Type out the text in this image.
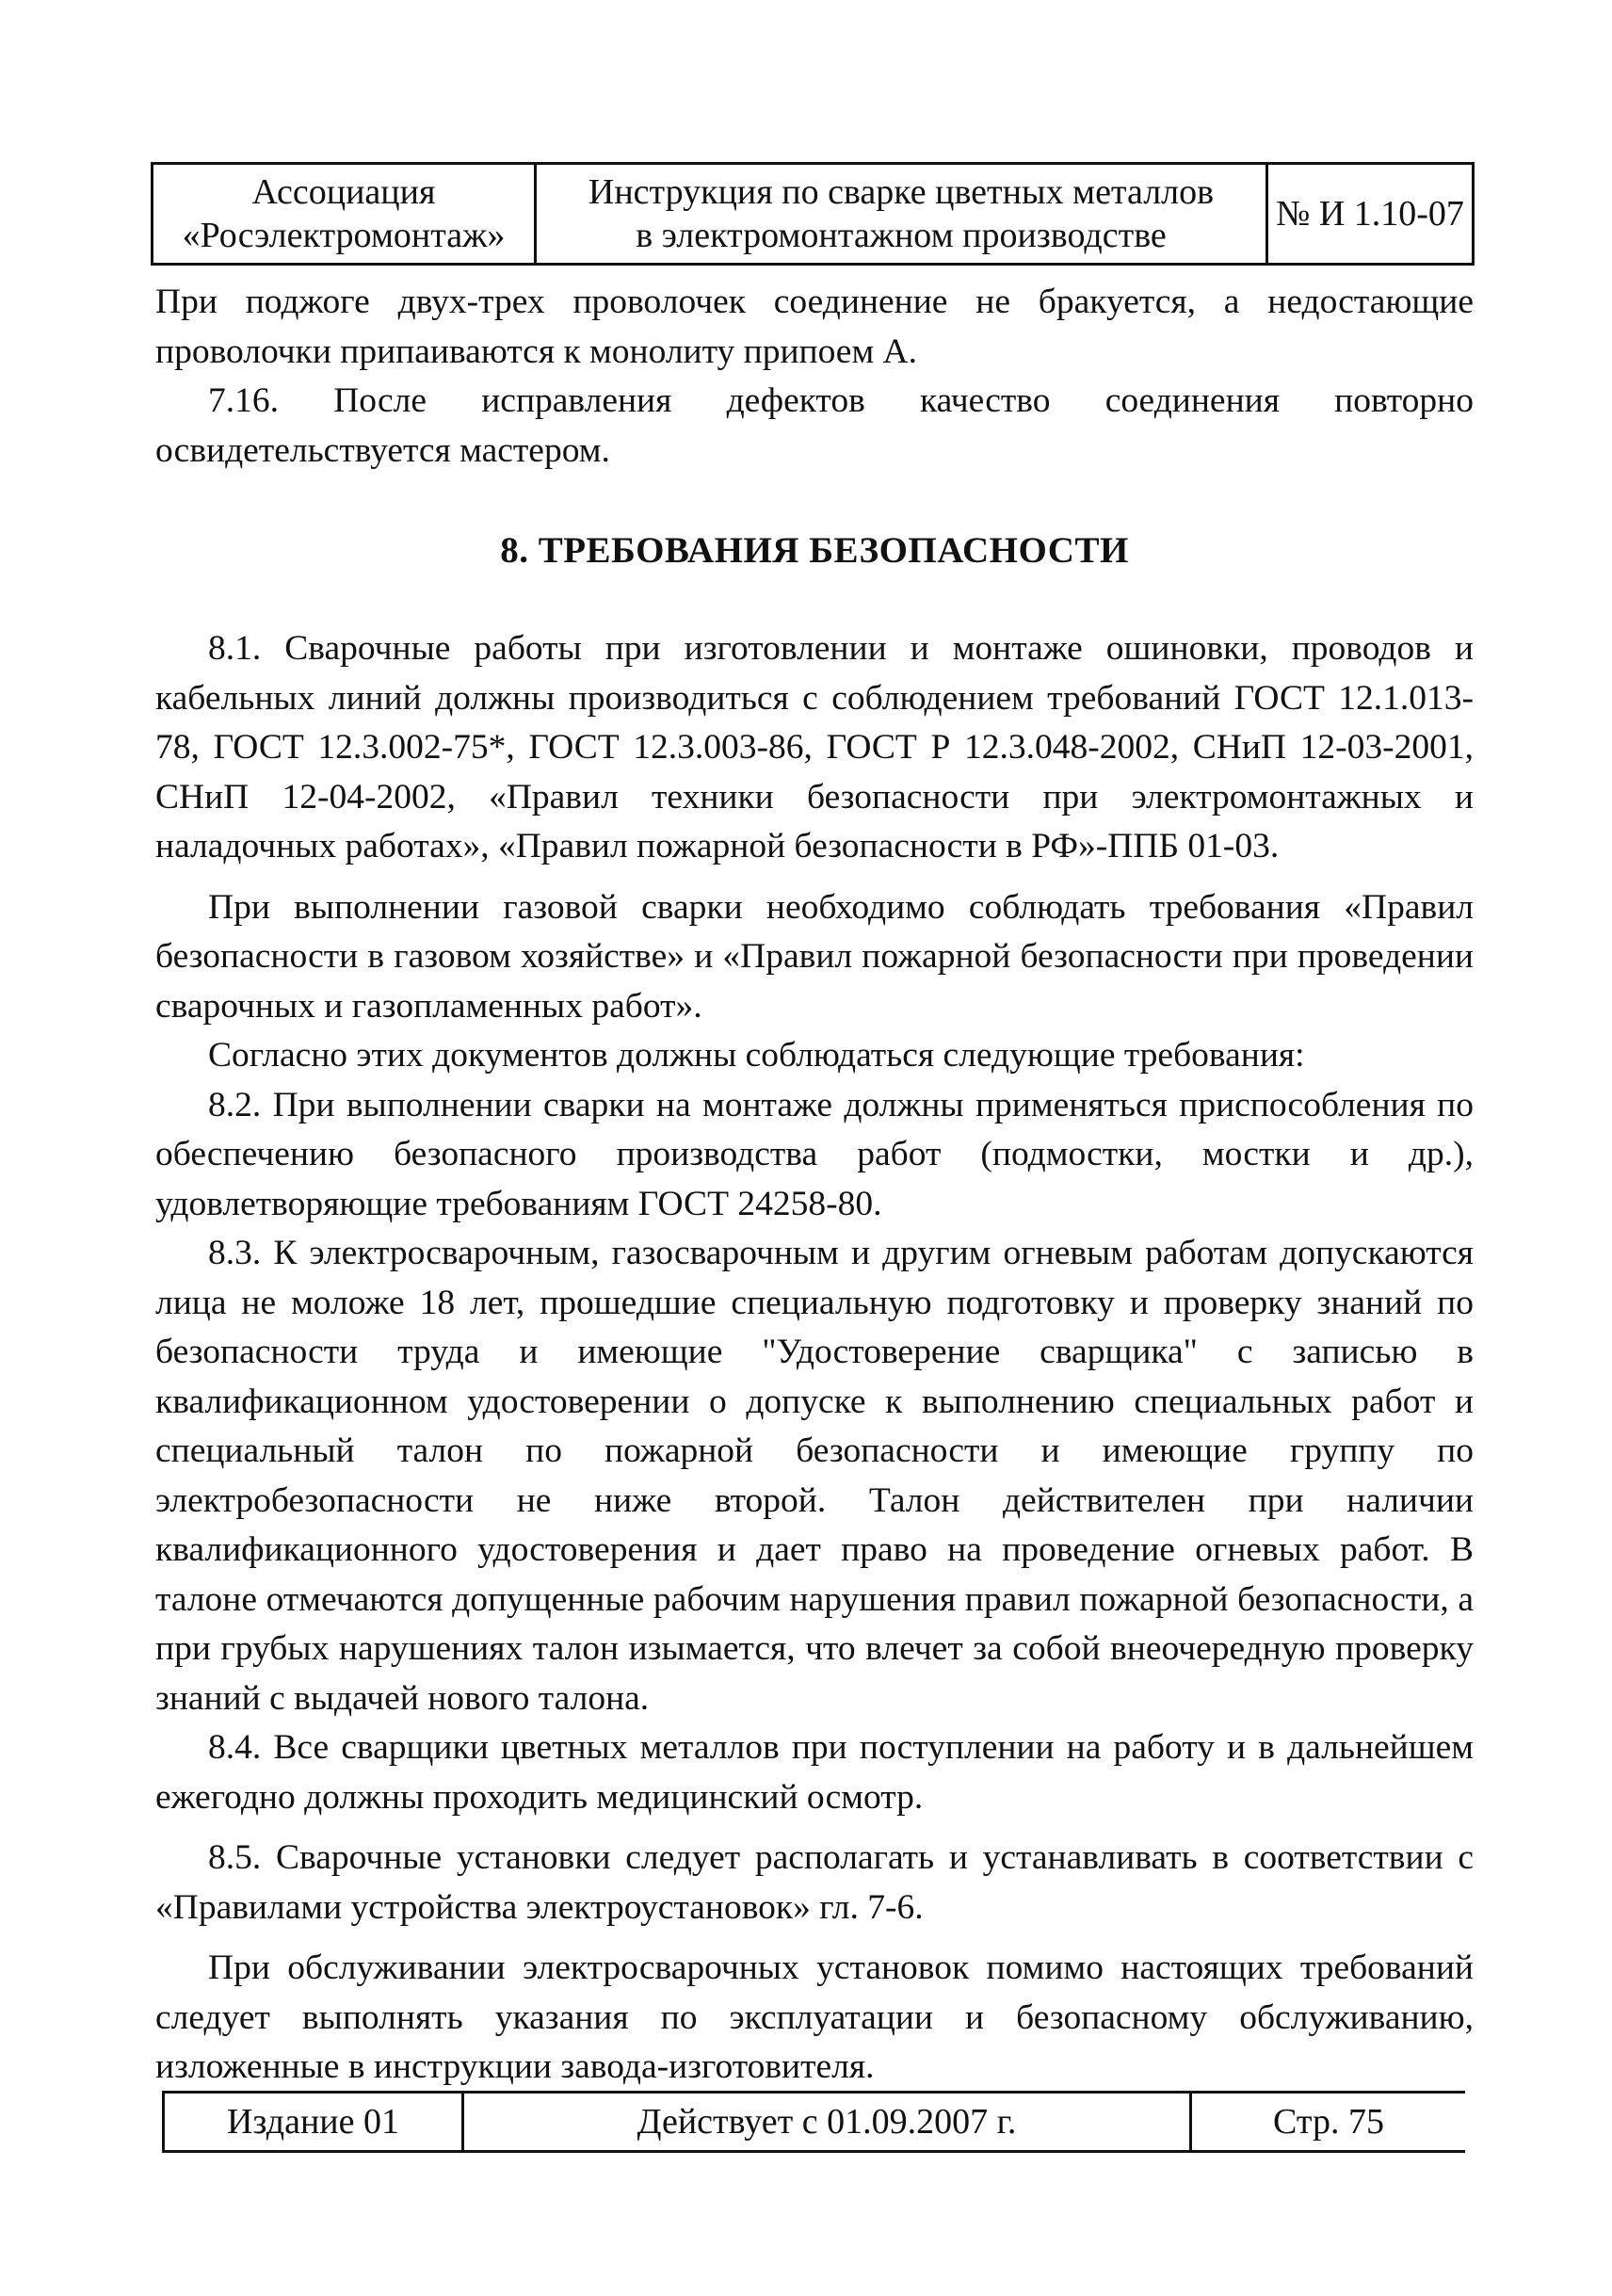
Ассоциация
«Росэлектромонтаж»
Инструкция по сварке цветных металлов
в электромонтажном производстве
№ И 1.10-07

При поджоге двух-трех проволочек соединение не бракуется, а недостающие проволочки припаиваются к монолиту припоем А.

7.16. После исправления дефектов качество соединения повторно освидетельствуется мастером.

8. ТРЕБОВАНИЯ БЕЗОПАСНОСТИ

8.1. Сварочные работы при изготовлении и монтаже ошиновки, проводов и кабельных линий должны производиться с соблюдением требований ГОСТ 12.1.013-78, ГОСТ 12.3.002-75*, ГОСТ 12.3.003-86, ГОСТ Р 12.3.048-2002, СНиП 12-03-2001, СНиП 12-04-2002, «Правил техники безопасности при электромонтажных и наладочных работах», «Правил пожарной безопасности в РФ»-ППБ 01-03.

При выполнении газовой сварки необходимо соблюдать требования «Правил безопасности в газовом хозяйстве» и «Правил пожарной безопасности при проведении сварочных и газопламенных работ».

Согласно этих документов должны соблюдаться следующие требования:

8.2. При выполнении сварки на монтаже должны применяться приспособления по обеспечению безопасного производства работ (подмостки, мостки и др.), удовлетворяющие требованиям ГОСТ 24258-80.

8.3. К электросварочным, газосварочным и другим огневым работам допускаются лица не моложе 18 лет, прошедшие специальную подготовку и проверку знаний по безопасности труда и имеющие "Удостоверение сварщика" с записью в квалификационном удостоверении о допуске к выполнению специальных работ и специальный талон по пожарной безопасности и имеющие группу по электробезопасности не ниже второй. Талон действителен при наличии квалификационного удостоверения и дает право на проведение огневых работ. В талоне отмечаются допущенные рабочим нарушения правил пожарной безопасности, а при грубых нарушениях талон изымается, что влечет за собой внеочередную проверку знаний с выдачей нового талона.

8.4. Все сварщики цветных металлов при поступлении на работу и в дальнейшем ежегодно должны проходить медицинский осмотр.

8.5. Сварочные установки следует располагать и устанавливать в соответствии с «Правилами устройства электроустановок» гл. 7-6.

При обслуживании электросварочных установок помимо настоящих требований следует выполнять указания по эксплуатации и безопасному обслуживанию, изложенные в инструкции завода-изготовителя.

Издание 01	Действует с 01.09.2007 г.	Стр. 75
